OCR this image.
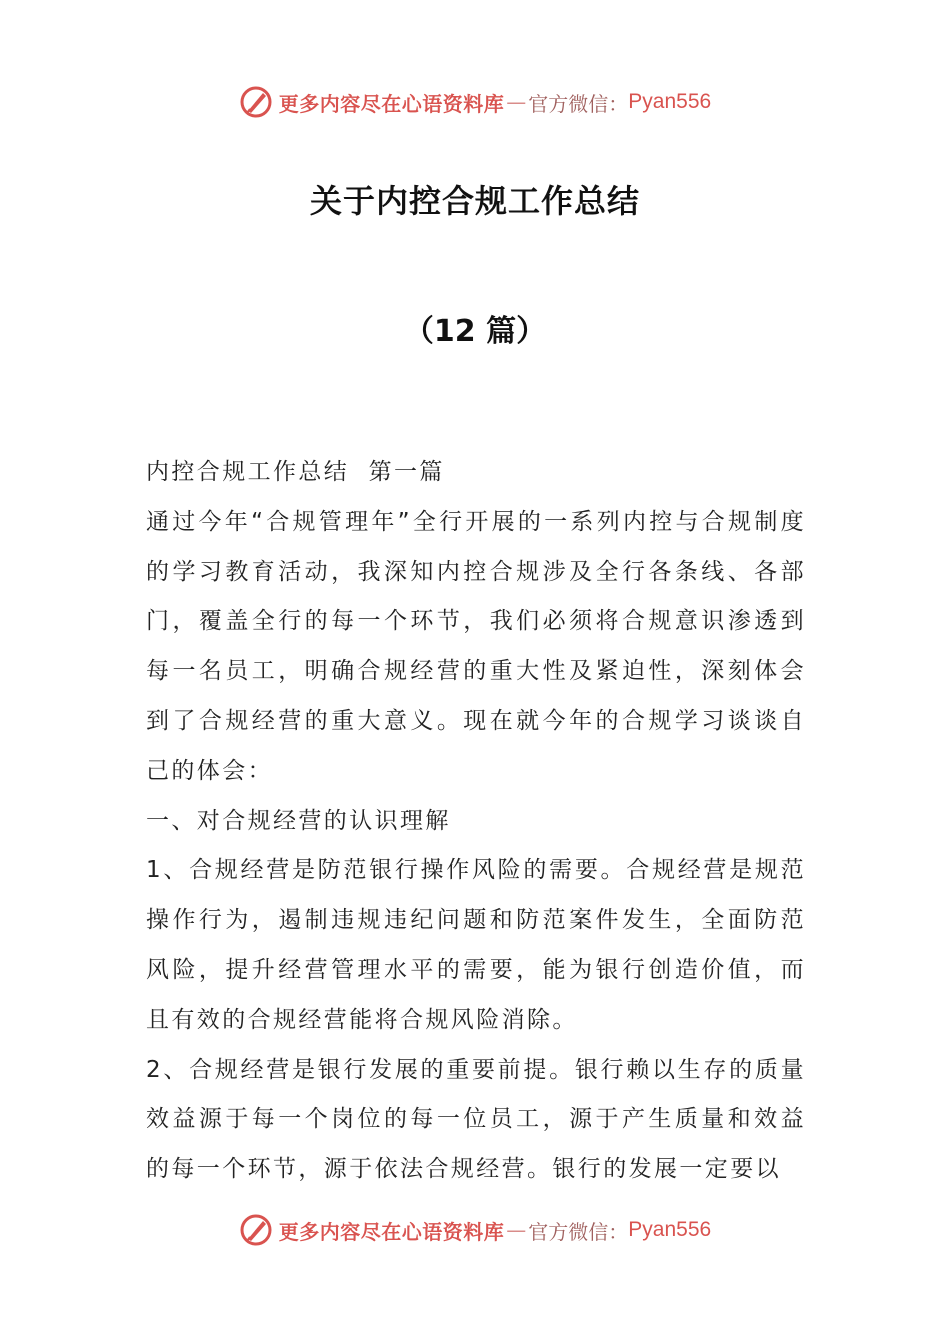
更多内容尽在心语资料库 — 官方微信： Pyan556
关于内控合规工作总结
（12 篇）

内控合规工作总结  第一篇

通过今年“合规管理年”全行开展的一系列内控与合规制度的学习教育活动，我深知内控合规涉及全行各条线、各部门，覆盖全行的每一个环节，我们必须将合规意识渗透到每一名员工，明确合规经营的重大性及紧迫性，深刻体会到了合规经营的重大意义。现在就今年的合规学习谈谈自己的体会：

一、对合规经营的认识理解

1、合规经营是防范银行操作风险的需要。合规经营是规范操作行为，遏制违规违纪问题和防范案件发生，全面防范风险，提升经营管理水平的需要，能为银行创造价值，而且有效的合规经营能将合规风险消除。

2、合规经营是银行发展的重要前提。银行赖以生存的质量效益源于每一个岗位的每一位员工，源于产生质量和效益的每一个环节，源于依法合规经营。银行的发展一定要以

更多内容尽在心语资料库 — 官方微信： Pyan556
